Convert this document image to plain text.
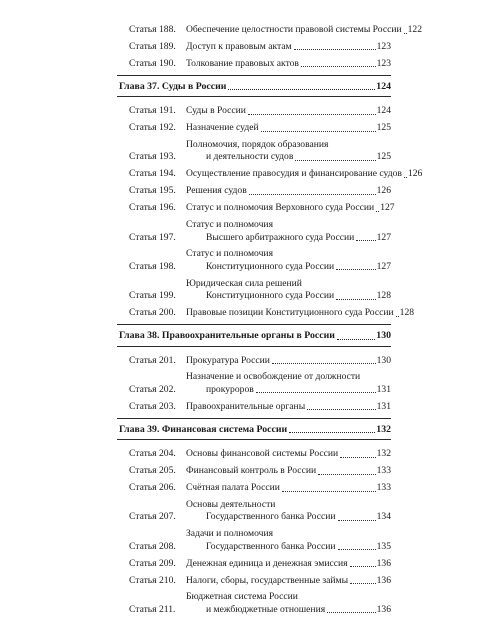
Статья 188.	Обеспечение целостности правовой системы России 122
Статья 189.	Доступ к правовым актам	123
Статья 190.	Толкование правовых актов	123
Глава 37. Суды в России	124
Статья 191.	Суды в России	124
Статья 192.	Назначение судей	125
Статья 193.
Полномочия, порядок образования
и деятельности судов	125
Статья 194.	Осуществление правосудия и финансирование судов 126
Статья 195.	Решения судов	126
Статья 196.	Статус и полномочия Верховного суда России 127
Статья 197.
Статус и полномочия
Высшего арбитражного суда России 127
Статья 198.
Статус и полномочия
Конституционного суда России	127
Статья 199.
Юридическая сила решений
Конституционного суда России	128
Статья 200.	Правовые позиции Конституционного суда России 128
Глава 38. Правоохранительные органы в России	130
Статья 201.	Прокуратура России	130
Статья 202.
Назначение и освобождение от должности
прокуроров	131
Статья 203.	Правоохранительные органы	131
Глава 39. Финансовая система России	132
Статья 204.	Основы финансовой системы России	132
Статья 205.	Финансовый контроль в России	133
Статья 206.	Счётная палата России	133
Статья 207.
Основы деятельности
Государственного банка России	134
Статья 208.
Задачи и полномочия
Государственного банка России	135
Статья 209.	Денежная единица и денежная эмиссия	136
Статья 210.	Налоги, сборы, государственные займы	136
Статья 211.
Бюджетная система России
и межбюджетные отношения	136
